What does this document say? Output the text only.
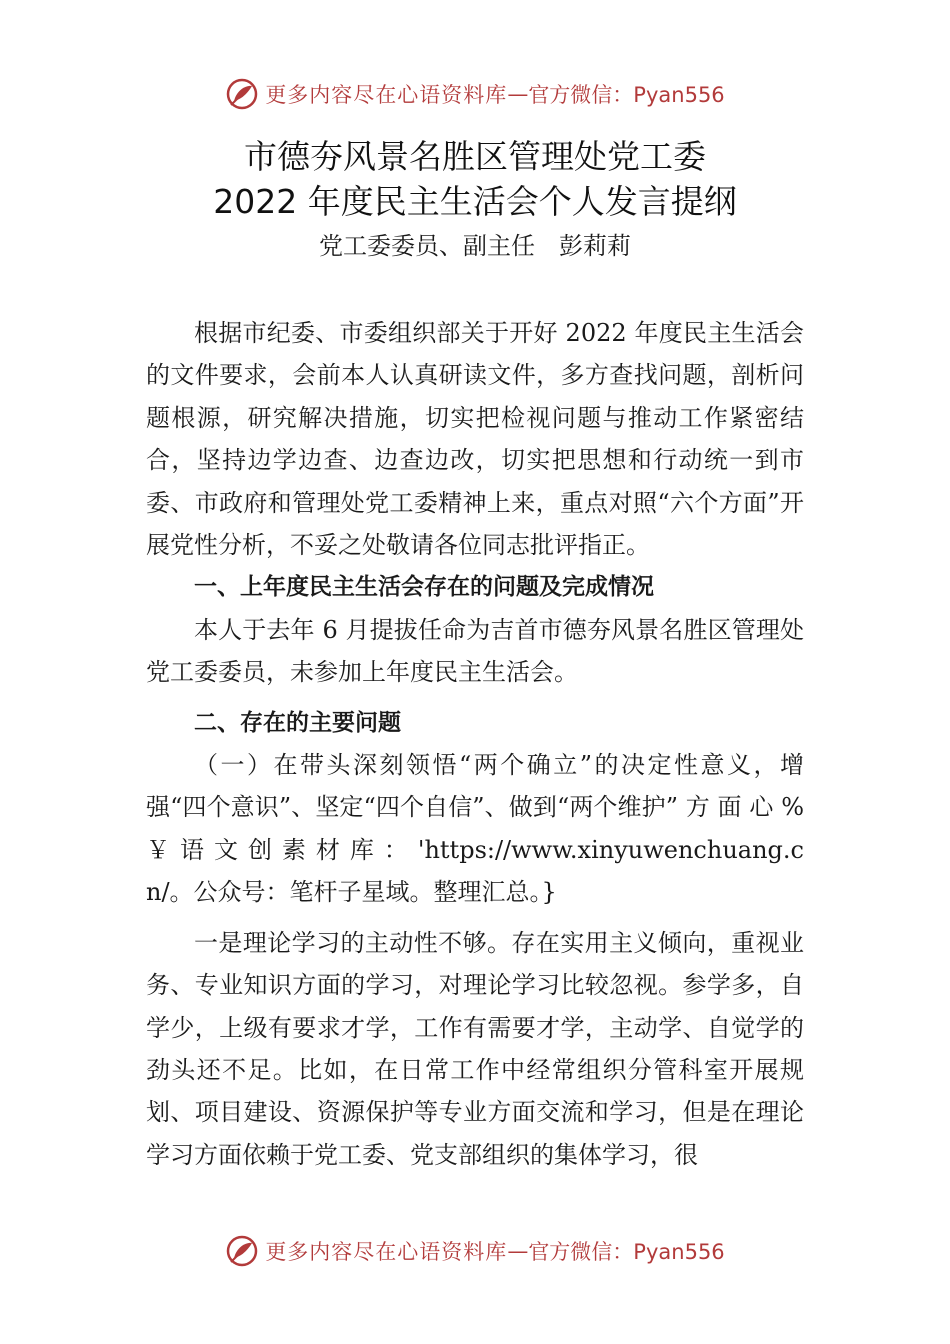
更多内容尽在心语资料库 — 官方微信：Pyan556
市德夯风景名胜区管理处党工委
2022 年度民主生活会个人发言提纲
党工委委员、副主任　彭莉莉

根据市纪委、市委组织部关于开好 2022 年度民主生活会的文件要求，会前本人认真研读文件，多方查找问题，剖析问题根源，研究解决措施，切实把检视问题与推动工作紧密结合，坚持边学边查、边查边改，切实把思想和行动统一到市委、市政府和管理处党工委精神上来，重点对照“六个方面”开展党性分析，不妥之处敬请各位同志批评指正。

一、上年度民主生活会存在的问题及完成情况

本人于去年 6 月提拔任命为吉首市德夯风景名胜区管理处党工委委员，未参加上年度民主生活会。

二、存在的主要问题

（一）在带头深刻领悟“两个确立”的决定性意义，增强“四个意识”、坚定“四个自信”、做到“两个维护” 方 面 心 % ￥ 语 文 创 素 材 库 ： 'https://www.xinyuwenchuang.cn/。公众号：笔杆子星域。整理汇总。}

一是理论学习的主动性不够。存在实用主义倾向，重视业务、专业知识方面的学习，对理论学习比较忽视。参学多，自学少，上级有要求才学，工作有需要才学，主动学、自觉学的劲头还不足。比如，在日常工作中经常组织分管科室开展规划、项目建设、资源保护等专业方面交流和学习，但是在理论学习方面依赖于党工委、党支部组织的集体学习，很

更多内容尽在心语资料库 — 官方微信：Pyan556
